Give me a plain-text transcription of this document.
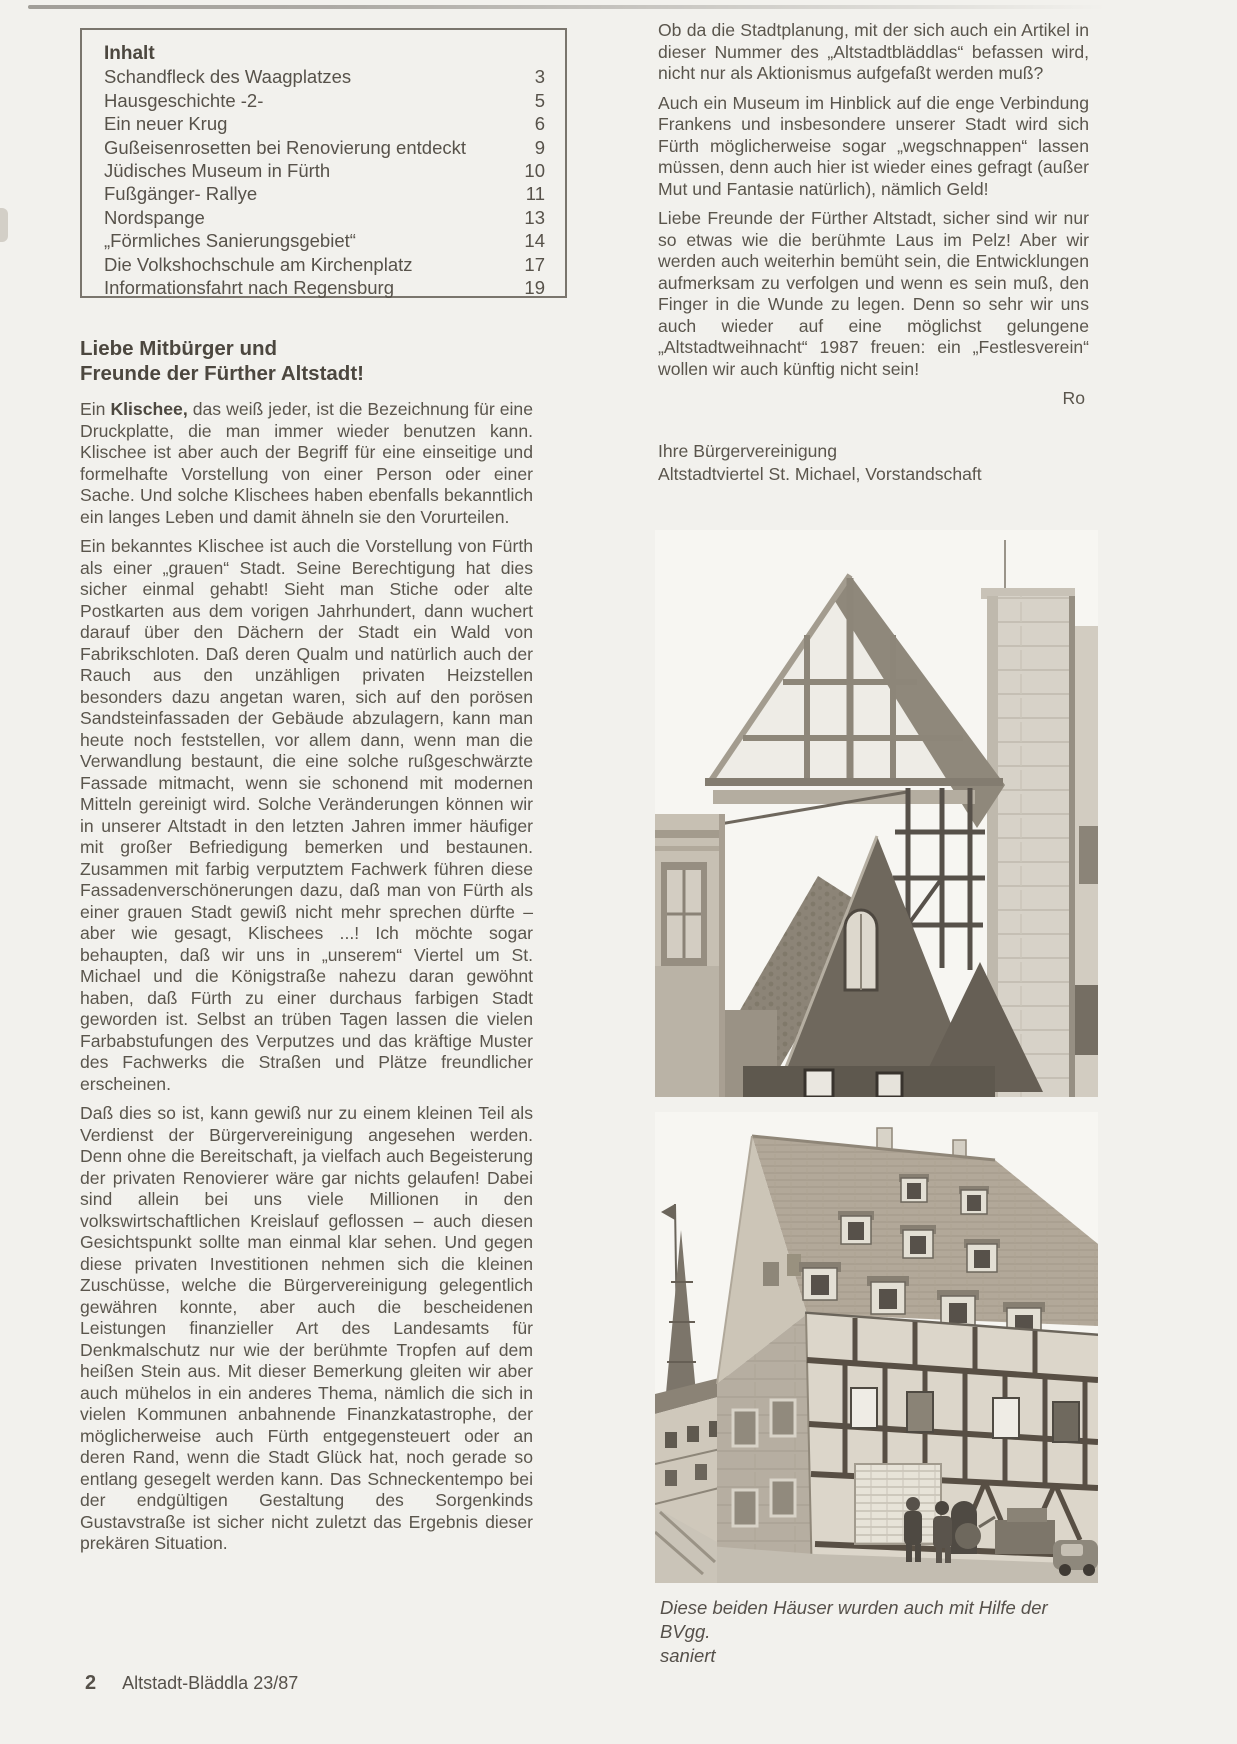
Inhalt
Schandfleck des Waagplatzes	3
Hausgeschichte -2-	5
Ein neuer Krug	6
Gußeisenrosetten bei Renovierung entdeckt	9
Jüdisches Museum in Fürth	10
Fußgänger- Rallye	11
Nordspange	13
„Förmliches Sanierungsgebiet“	14
Die Volkshochschule am Kirchenplatz	17
Informationsfahrt nach Regensburg	19
Liebe Mitbürger und
Freunde der Fürther Altstadt!

Ein Klischee, das weiß jeder, ist die Bezeichnung für eine Druckplatte, die man immer wieder benutzen kann. Klischee ist aber auch der Begriff für eine einseitige und formelhafte Vorstellung von einer Person oder einer Sache. Und solche Klischees haben ebenfalls bekanntlich ein langes Leben und damit ähneln sie den Vorurteilen.

Ein bekanntes Klischee ist auch die Vorstellung von Fürth als einer „grauen“ Stadt. Seine Berechtigung hat dies sicher einmal gehabt! Sieht man Stiche oder alte Postkarten aus dem vorigen Jahrhundert, dann wuchert darauf über den Dächern der Stadt ein Wald von Fabrikschloten. Daß deren Qualm und natürlich auch der Rauch aus den unzähligen privaten Heizstellen besonders dazu angetan waren, sich auf den porösen Sandsteinfassaden der Gebäude abzulagern, kann man heute noch feststellen, vor allem dann, wenn man die Verwandlung bestaunt, die eine solche rußgeschwärzte Fassade mitmacht, wenn sie schonend mit modernen Mitteln gereinigt wird. Solche Veränderungen können wir in unserer Altstadt in den letzten Jahren immer häufiger mit großer Befriedigung bemerken und bestaunen. Zusammen mit farbig verputztem Fachwerk führen diese Fassadenverschönerungen dazu, daß man von Fürth als einer grauen Stadt gewiß nicht mehr sprechen dürfte – aber wie gesagt, Klischees ...! Ich möchte sogar behaupten, daß wir uns in „unserem“ Viertel um St. Michael und die Königstraße nahezu daran gewöhnt haben, daß Fürth zu einer durchaus farbigen Stadt geworden ist. Selbst an trüben Tagen lassen die vielen Farbabstufungen des Verputzes und das kräftige Muster des Fachwerks die Straßen und Plätze freundlicher erscheinen.

Daß dies so ist, kann gewiß nur zu einem kleinen Teil als Verdienst der Bürgervereinigung angesehen werden. Denn ohne die Bereitschaft, ja vielfach auch Begeisterung der privaten Renovierer wäre gar nichts gelaufen! Dabei sind allein bei uns viele Millionen in den volkswirtschaftlichen Kreislauf geflossen – auch diesen Gesichtspunkt sollte man einmal klar sehen. Und gegen diese privaten Investitionen nehmen sich die kleinen Zuschüsse, welche die Bürgervereinigung gelegentlich gewähren konnte, aber auch die bescheidenen Leistungen finanzieller Art des Landesamts für Denkmalschutz nur wie der berühmte Tropfen auf dem heißen Stein aus. Mit dieser Bemerkung gleiten wir aber auch mühelos in ein anderes Thema, nämlich die sich in vielen Kommunen anbahnende Finanzkatastrophe, der möglicherweise auch Fürth entgegensteuert oder an deren Rand, wenn die Stadt Glück hat, noch gerade so entlang gesegelt werden kann. Das Schneckentempo bei der endgültigen Gestaltung des Sorgenkinds Gustavstraße ist sicher nicht zuletzt das Ergebnis dieser prekären Situation.

Ob da die Stadtplanung, mit der sich auch ein Artikel in dieser Nummer des „Altstadtbläddlas“ befassen wird, nicht nur als Aktionismus aufgefaßt werden muß?

Auch ein Museum im Hinblick auf die enge Verbindung Frankens und insbesondere unserer Stadt wird sich Fürth möglicherweise sogar „wegschnappen“ lassen müssen, denn auch hier ist wieder eines gefragt (außer Mut und Fantasie natürlich), nämlich Geld!

Liebe Freunde der Fürther Altstadt, sicher sind wir nur so etwas wie die berühmte Laus im Pelz! Aber wir werden auch weiterhin bemüht sein, die Entwicklungen aufmerksam zu verfolgen und wenn es sein muß, den Finger in die Wunde zu legen. Denn so sehr wir uns auch wieder auf eine möglichst gelungene „Altstadtweihnacht“ 1987 freuen: ein „Festlesverein“ wollen wir auch künftig nicht sein!

Ro
Ihre Bürgervereinigung
Altstadtviertel St. Michael, Vorstandschaft
Diese beiden Häuser wurden auch mit Hilfe der BVgg.
saniert
2 Altstadt-Bläddla 23/87
